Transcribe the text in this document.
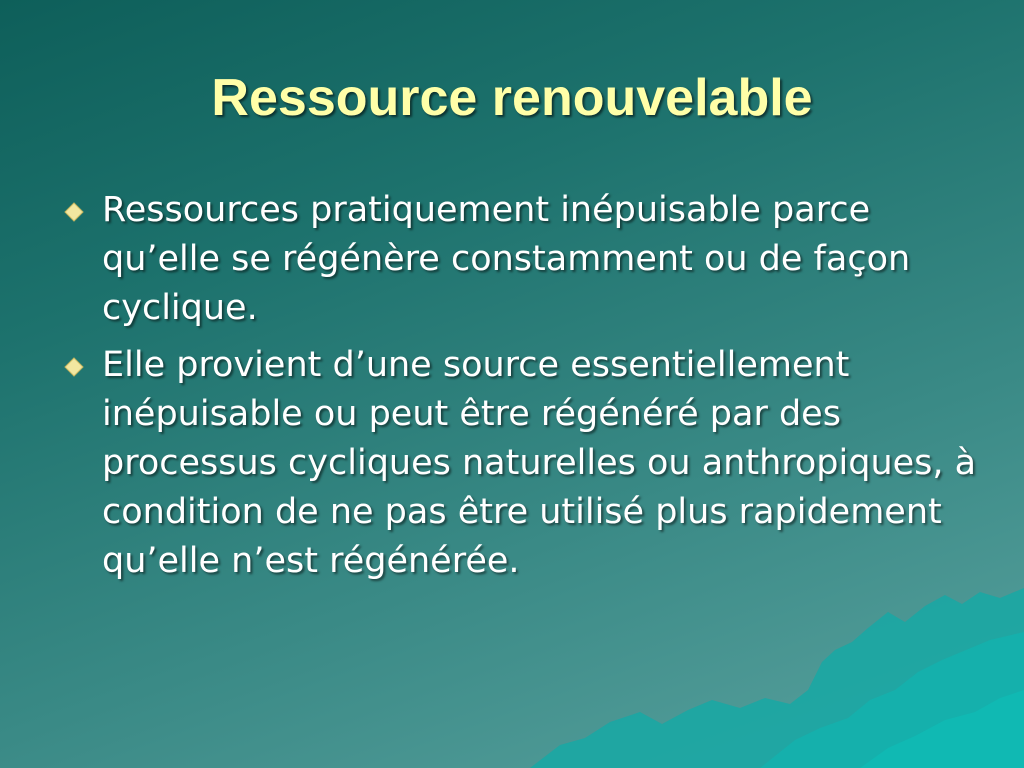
Ressource renouvelable
Ressources pratiquement inépuisable parce qu’elle se régénère constamment ou de façon cyclique.
Elle provient d’une source essentiellement inépuisable ou peut être régénéré par des processus cycliques naturelles ou anthropiques, à condition de ne pas être utilisé plus rapidement qu’elle n’est régénérée.
